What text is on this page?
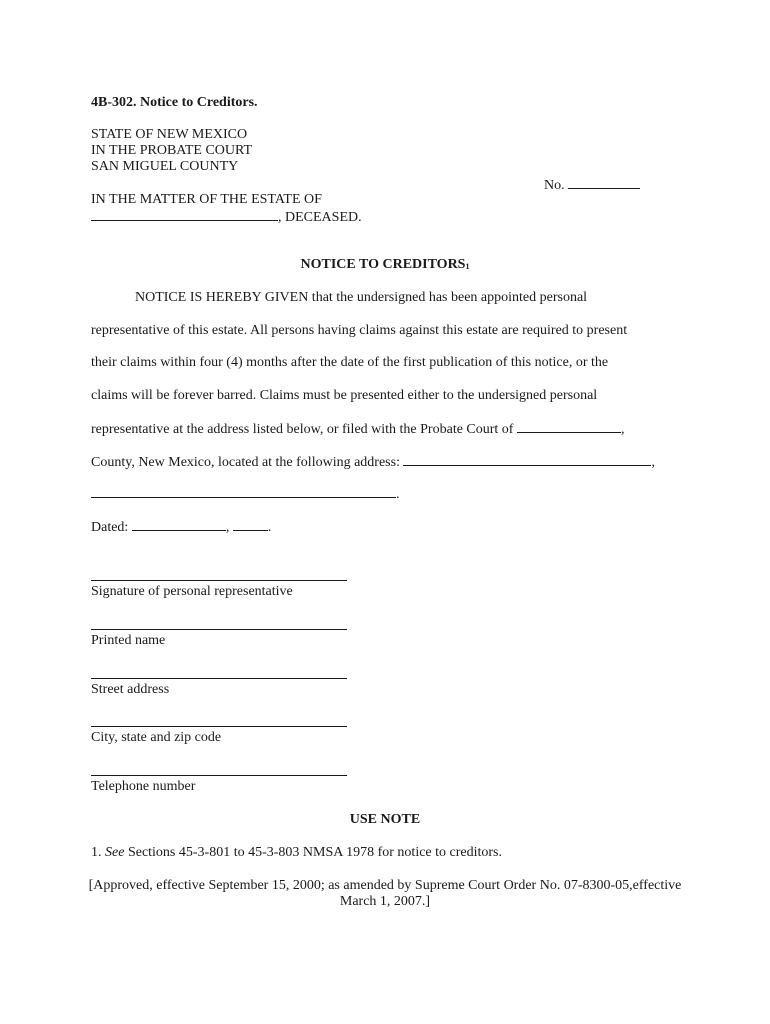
4B-302. Notice to Creditors.
STATE OF NEW MEXICO
IN THE PROBATE COURT
SAN MIGUEL COUNTY
No.
IN THE MATTER OF THE ESTATE OF
, DECEASED.
NOTICE TO CREDITORS1
NOTICE IS HEREBY GIVEN that the undersigned has been appointed personal
representative of this estate. All persons having claims against this estate are required to present
their claims within four (4) months after the date of the first publication of this notice, or the
claims will be forever barred. Claims must be presented either to the undersigned personal
representative at the address listed below, or filed with the Probate Court of	,
County, New Mexico, located at the following address:	,
.
Dated:	,	.
Signature of personal representative
Printed name
Street address
City, state and zip code
Telephone number
USE NOTE
1. See Sections 45-3-801 to 45-3-803 NMSA 1978 for notice to creditors.
[Approved, effective September 15, 2000; as amended by Supreme Court Order No. 07-8300-05,effective
March 1, 2007.]
